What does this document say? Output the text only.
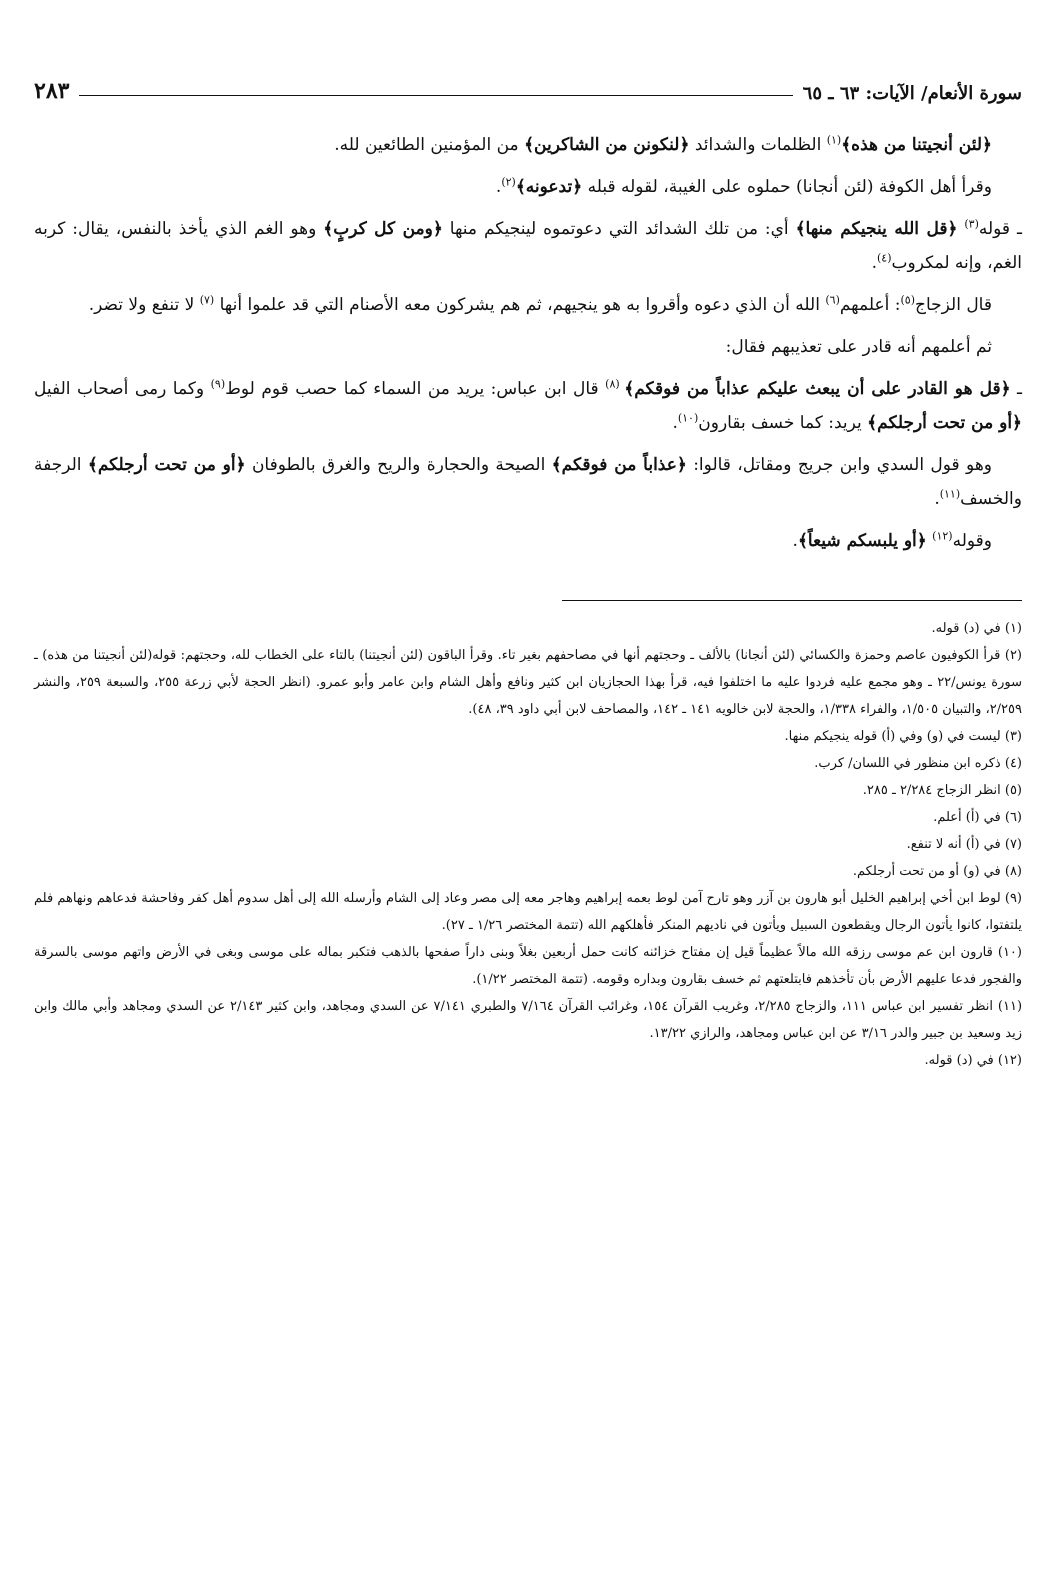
سورة الأنعام/ الآيات: ٦٣ ـ ٦٥
٢٨٣

﴿لئن أنجيتنا من هذه﴾$^{(١)}$ الظلمات والشدائد ﴿لنكونن من الشاكرين﴾ من المؤمنين الطائعين لله.

وقرأ أهل الكوفة (لئن أنجانا) حملوه على الغيبة، لقوله قبله ﴿تدعونه﴾$^{(٢)}$.

ـ قوله$^{(٣)}$ ﴿قل الله ينجيكم منها﴾ أي: من تلك الشدائد التي دعوتموه لينجيكم منها ﴿ومن كل كربٍ﴾ وهو الغم الذي يأخذ بالنفس، يقال: كربه الغم، وإنه لمكروب$^{(٤)}$.

قال الزجاج$^{(٥)}$: أعلمهم$^{(٦)}$ الله أن الذي دعوه وأقروا به هو ينجيهم، ثم هم يشركون معه الأصنام التي قد علموا أنها $^{(٧)}$ لا تنفع ولا تضر.

ثم أعلمهم أنه قادر على تعذيبهم فقال:

ـ ﴿قل هو القادر على أن يبعث عليكم عذاباً من فوقكم﴾ $^{(٨)}$ قال ابن عباس: يريد من السماء كما حصب قوم لوط$^{(٩)}$ وكما رمى أصحاب الفيل ﴿أو من تحت أرجلكم﴾ يريد: كما خسف بقارون$^{(١٠)}$.

وهو قول السدي وابن جريج ومقاتل، قالوا: ﴿عذاباً من فوقكم﴾ الصيحة والحجارة والريح والغرق بالطوفان ﴿أو من تحت أرجلكم﴾ الرجفة والخسف$^{(١١)}$.

وقوله$^{(١٢)}$ ﴿أو يلبسكم شيعاً﴾.

(١) في (د) قوله.

(٢) قرأ الكوفيون عاصم وحمزة والكسائي (لئن أنجانا) بالألف ـ وحجتهم أنها في مصاحفهم بغير تاء. وقرأ الباقون (لئن أنجيتنا) بالتاء على الخطاب لله، وحجتهم: قوله(لئن أنجيتنا من هذه) ـ سورة يونس/٢٢ ـ وهو مجمع عليه فردوا عليه ما اختلفوا فيه، قرأ بهذا الحجازيان ابن كثير ونافع وأهل الشام وابن عامر وأبو عمرو. (انظر الحجة لأبي زرعة ٢٥٥، والسبعة ٢٥٩، والنشر ٢/٢٥٩، والتبيان ١/٥٠٥، والفراء ١/٣٣٨، والحجة لابن خالويه ١٤١ ـ ١٤٢، والمصاحف لابن أبي داود ٣٩، ٤٨).

(٣) ليست في (و) وفي (أ) قوله ينجيكم منها.

(٤) ذكره ابن منظور في اللسان/ كرب.

(٥) انظر الزجاج ٢/٢٨٤ ـ ٢٨٥.

(٦) في (أ) أعلم.

(٧) في (أ) أنه لا تنفع.

(٨) في (و) أو من تحت أرجلكم.

(٩) لوط ابن أخي إبراهيم الخليل أبو هارون بن آزر وهو تارح آمن لوط بعمه إبراهيم وهاجر معه إلى مصر وعاد إلى الشام وأرسله الله إلى أهل سدوم أهل كفر وفاحشة فدعاهم ونهاهم فلم يلتفتوا، كانوا يأتون الرجال ويقطعون السبيل ويأتون في ناديهم المنكر فأهلكهم الله (تتمة المختصر ١/٢٦ ـ ٢٧).

(١٠) قارون ابن عم موسى رزقه الله مالاً عظيماً قيل إن مفتاح خزائنه كانت حمل أربعين بغلاً وبنى داراً صفحها بالذهب فتكبر بماله على موسى وبغى في الأرض واتهم موسى بالسرقة والفجور فدعا عليهم الأرض بأن تأخذهم فابتلعتهم ثم خسف بقارون وبداره وقومه. (تتمة المختصر ١/٢٢).

(١١) انظر تفسير ابن عباس ١١١، والزجاج ٢/٢٨٥، وغريب القرآن ١٥٤، وغرائب القرآن ٧/١٦٤ والطبري ٧/١٤١ عن السدي ومجاهد، وابن كثير ٢/١٤٣ عن السدي ومجاهد وأبي مالك وابن زيد وسعيد بن جبير والدر ٣/١٦ عن ابن عباس ومجاهد، والرازي ١٣/٢٢.

(١٢) في (د) قوله.
